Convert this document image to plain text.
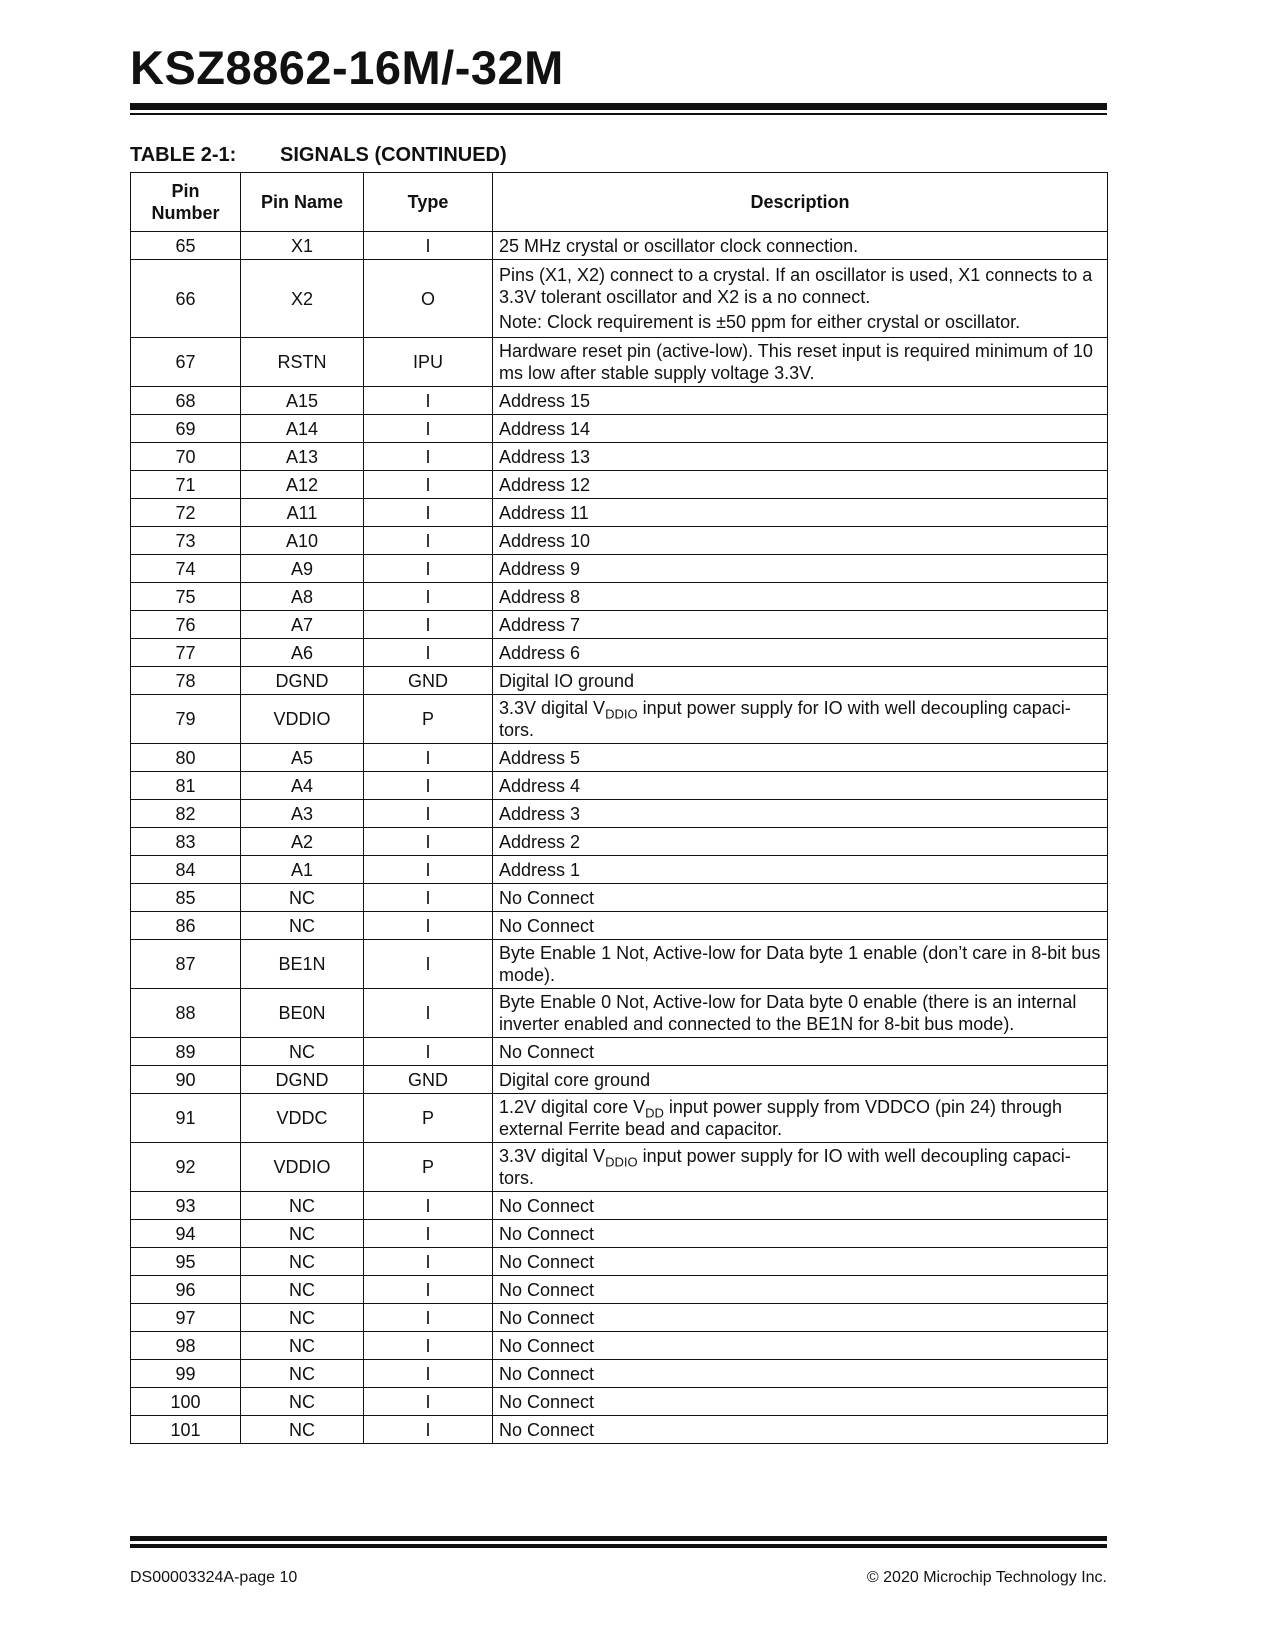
KSZ8862-16M/-32M
TABLE 2-1: SIGNALS (CONTINUED)
Pin Number	Pin Name	Type	Description
65	X1	I	25 MHz crystal or oscillator clock connection.
66	X2	O	Pins (X1, X2) connect to a crystal. If an oscillator is used, X1 connects to a 3.3V tolerant oscillator and X2 is a no connect.
Note: Clock requirement is ±50 ppm for either crystal or oscillator.

67	RSTN	IPU	Hardware reset pin (active-low). This reset input is required minimum of 10 ms low after stable supply voltage 3.3V.
68	A15	I	Address 15
69	A14	I	Address 14
70	A13	I	Address 13
71	A12	I	Address 12
72	A11	I	Address 11
73	A10	I	Address 10
74	A9	I	Address 9
75	A8	I	Address 8
76	A7	I	Address 7
77	A6	I	Address 6
78	DGND	GND	Digital IO ground
79	VDDIO	P	3.3V digital $V_{DDIO}$ input power supply for IO with well decoupling capaci-tors.
80	A5	I	Address 5
81	A4	I	Address 4
82	A3	I	Address 3
83	A2	I	Address 2
84	A1	I	Address 1
85	NC	I	No Connect
86	NC	I	No Connect
87	BE1N	I	Byte Enable 1 Not, Active-low for Data byte 1 enable (don’t care in 8-bit bus mode).
88	BE0N	I	Byte Enable 0 Not, Active-low for Data byte 0 enable (there is an internal inverter enabled and connected to the BE1N for 8-bit bus mode).
89	NC	I	No Connect
90	DGND	GND	Digital core ground
91	VDDC	P	1.2V digital core $V_{DD}$ input power supply from VDDCO (pin 24) through external Ferrite bead and capacitor.
92	VDDIO	P	3.3V digital $V_{DDIO}$ input power supply for IO with well decoupling capaci-tors.
93	NC	I	No Connect
94	NC	I	No Connect
95	NC	I	No Connect
96	NC	I	No Connect
97	NC	I	No Connect
98	NC	I	No Connect
99	NC	I	No Connect
100	NC	I	No Connect
101	NC	I	No Connect
DS00003324A-page 10	© 2020 Microchip Technology Inc.
